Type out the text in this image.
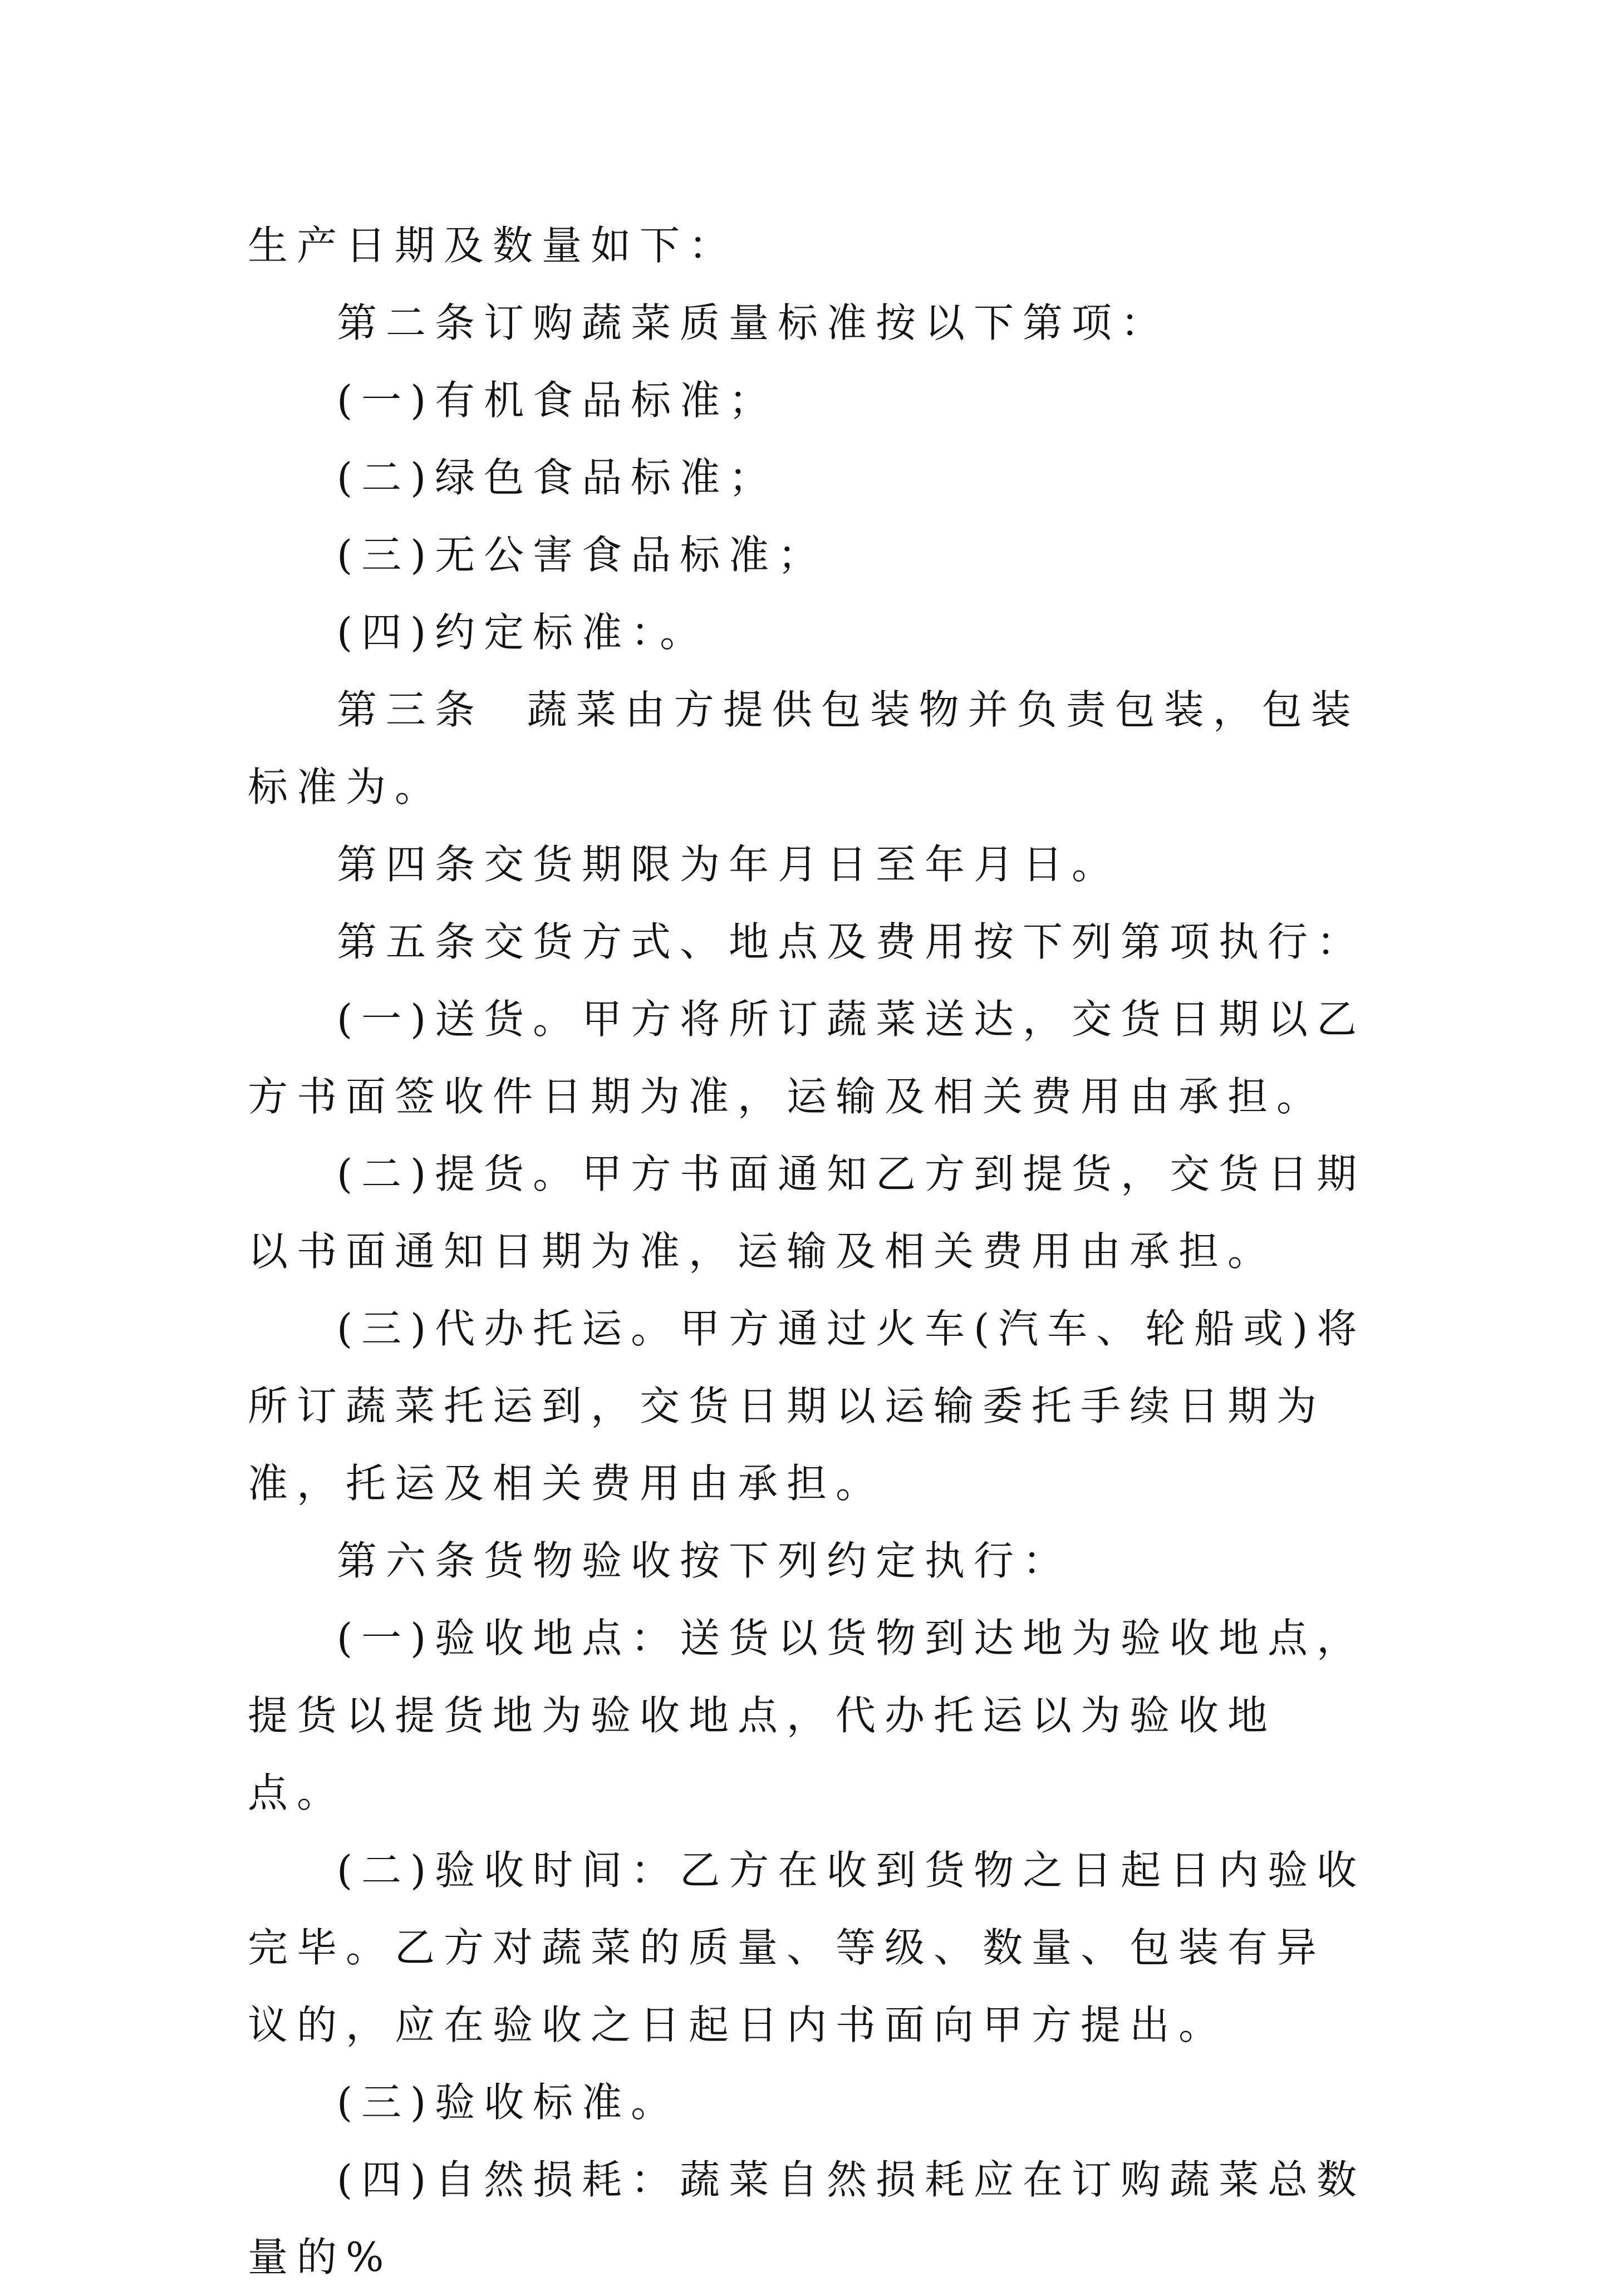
生产日期及数量如下：

第二条订购蔬菜质量标准按以下第项：

(一)有机食品标准；

(二)绿色食品标准；

(三)无公害食品标准；

(四)约定标准：。

第三条  蔬菜由方提供包装物并负责包装，包装标准为。

第四条交货期限为年月日至年月日。

第五条交货方式、地点及费用按下列第项执行：

(一)送货。甲方将所订蔬菜送达，交货日期以乙方书面签收件日期为准，运输及相关费用由承担。

(二)提货。甲方书面通知乙方到提货，交货日期以书面通知日期为准，运输及相关费用由承担。

(三)代办托运。甲方通过火车(汽车、轮船或)将所订蔬菜托运到，交货日期以运输委托手续日期为准，托运及相关费用由承担。

第六条货物验收按下列约定执行：

(一)验收地点：送货以货物到达地为验收地点，提货以提货地为验收地点，代办托运以为验收地点。

(二)验收时间：乙方在收到货物之日起日内验收完毕。乙方对蔬菜的质量、等级、数量、包装有异议的，应在验收之日起日内书面向甲方提出。

(三)验收标准。

(四)自然损耗：蔬菜自然损耗应在订购蔬菜总数量的%
